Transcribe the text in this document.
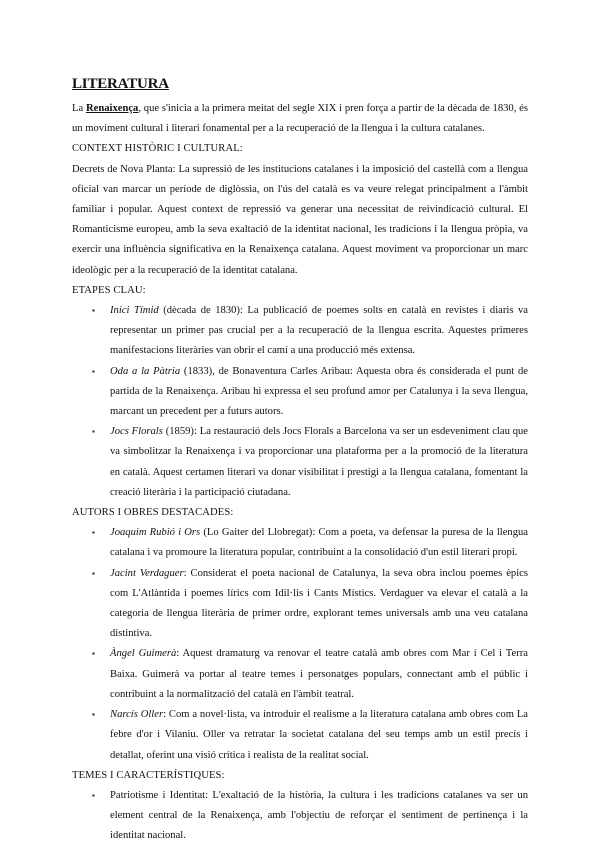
LITERATURA

La Renaixença, que s'inicia a la primera meitat del segle XIX i pren força a partir de la dècada de 1830, és un moviment cultural i literari fonamental per a la recuperació de la llengua i la cultura catalanes.

CONTEXT HISTÒRIC I CULTURAL:

Decrets de Nova Planta: La supressió de les institucions catalanes i la imposició del castellà com a llengua oficial van marcar un període de diglòssia, on l'ús del català es va veure relegat principalment a l'àmbit familiar i popular. Aquest context de repressió va generar una necessitat de reivindicació cultural. El Romanticisme europeu, amb la seva exaltació de la identitat nacional, les tradicions i la llengua pròpia, va exercir una influència significativa en la Renaixença catalana. Aquest moviment va proporcionar un marc ideològic per a la recuperació de la identitat catalana.

ETAPES CLAU:
▪ Inici Tímid (dècada de 1830): La publicació de poemes solts en català en revistes i diaris va representar un primer pas crucial per a la recuperació de la llengua escrita. Aquestes primeres manifestacions literàries van obrir el camí a una producció més extensa.
▪ Oda a la Pàtria (1833), de Bonaventura Carles Aribau: Aquesta obra és considerada el punt de partida de la Renaixença. Aribau hi expressa el seu profund amor per Catalunya i la seva llengua, marcant un precedent per a futurs autors.
▪ Jocs Florals (1859): La restauració dels Jocs Florals a Barcelona va ser un esdeveniment clau que va simbolitzar la Renaixença i va proporcionar una plataforma per a la promoció de la literatura en català. Aquest certamen literari va donar visibilitat i prestigi a la llengua catalana, fomentant la creació literària i la participació ciutadana.
AUTORS I OBRES DESTACADES:
▪ Joaquim Rubió i Ors (Lo Gaiter del Llobregat): Com a poeta, va defensar la puresa de la llengua catalana i va promoure la literatura popular, contribuint a la consolidació d'un estil literari propi.
▪ Jacint Verdaguer: Considerat el poeta nacional de Catalunya, la seva obra inclou poemes èpics com L'Atlàntida i poemes lírics com Idil·lis i Cants Místics. Verdaguer va elevar el català a la categoria de llengua literària de primer ordre, explorant temes universals amb una veu catalana distintiva.
▪ Àngel Guimerà: Aquest dramaturg va renovar el teatre català amb obres com Mar i Cel i Terra Baixa. Guimerà va portar al teatre temes i personatges populars, connectant amb el públic i contribuint a la normalització del català en l'àmbit teatral.
▪ Narcís Oller: Com a novel·lista, va introduir el realisme a la literatura catalana amb obres com La febre d'or i Vilaniu. Oller va retratar la societat catalana del seu temps amb un estil precís i detallat, oferint una visió crítica i realista de la realitat social.
TEMES I CARACTERÍSTIQUES:
▪ Patriotisme i Identitat: L'exaltació de la història, la cultura i les tradicions catalanes va ser un element central de la Renaixença, amb l'objectiu de reforçar el sentiment de pertinença i la identitat nacional.
